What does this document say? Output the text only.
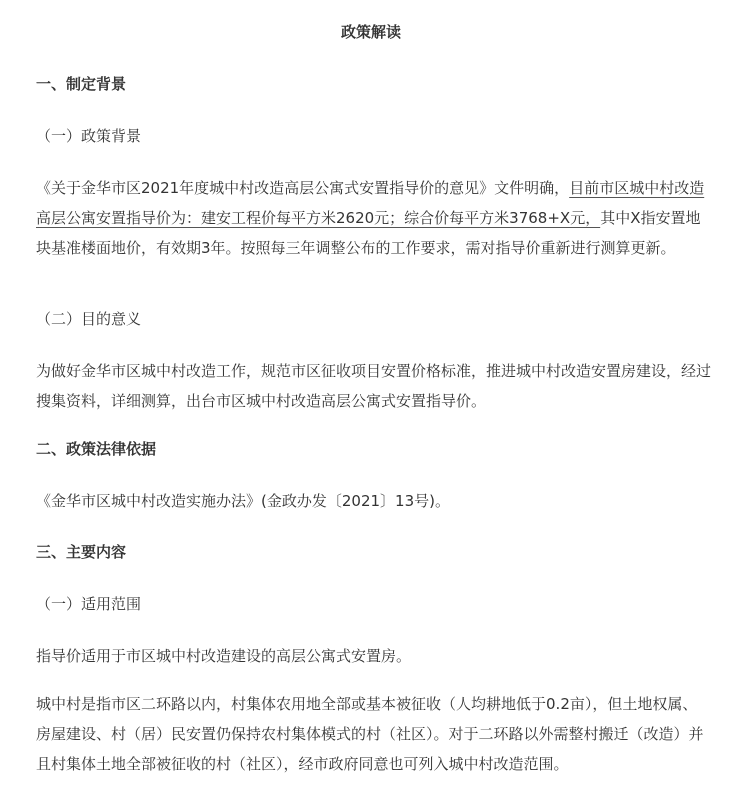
政策解读
一、制定背景
（一）政策背景

《关于金华市区2021年度城中村改造高层公寓式安置指导价的意见》文件明确，目前市区城中村改造高层公寓安置指导价为：建安工程价每平方米2620元；综合价每平方米3768+X元，其中X指安置地块基准楼面地价，有效期3年。按照每三年调整公布的工作要求，需对指导价重新进行测算更新。

（二）目的意义

为做好金华市区城中村改造工作，规范市区征收项目安置价格标准，推进城中村改造安置房建设，经过搜集资料，详细测算，出台市区城中村改造高层公寓式安置指导价。

二、政策法律依据
《金华市区城中村改造实施办法》(金政办发〔2021〕13号)。
三、主要内容
（一）适用范围
指导价适用于市区城中村改造建设的高层公寓式安置房。

城中村是指市区二环路以内，村集体农用地全部或基本被征收（人均耕地低于0.2亩），但土地权属、房屋建设、村（居）民安置仍保持农村集体模式的村（社区）。对于二环路以外需整村搬迁（改造）并且村集体土地全部被征收的村（社区），经市政府同意也可列入城中村改造范围。
